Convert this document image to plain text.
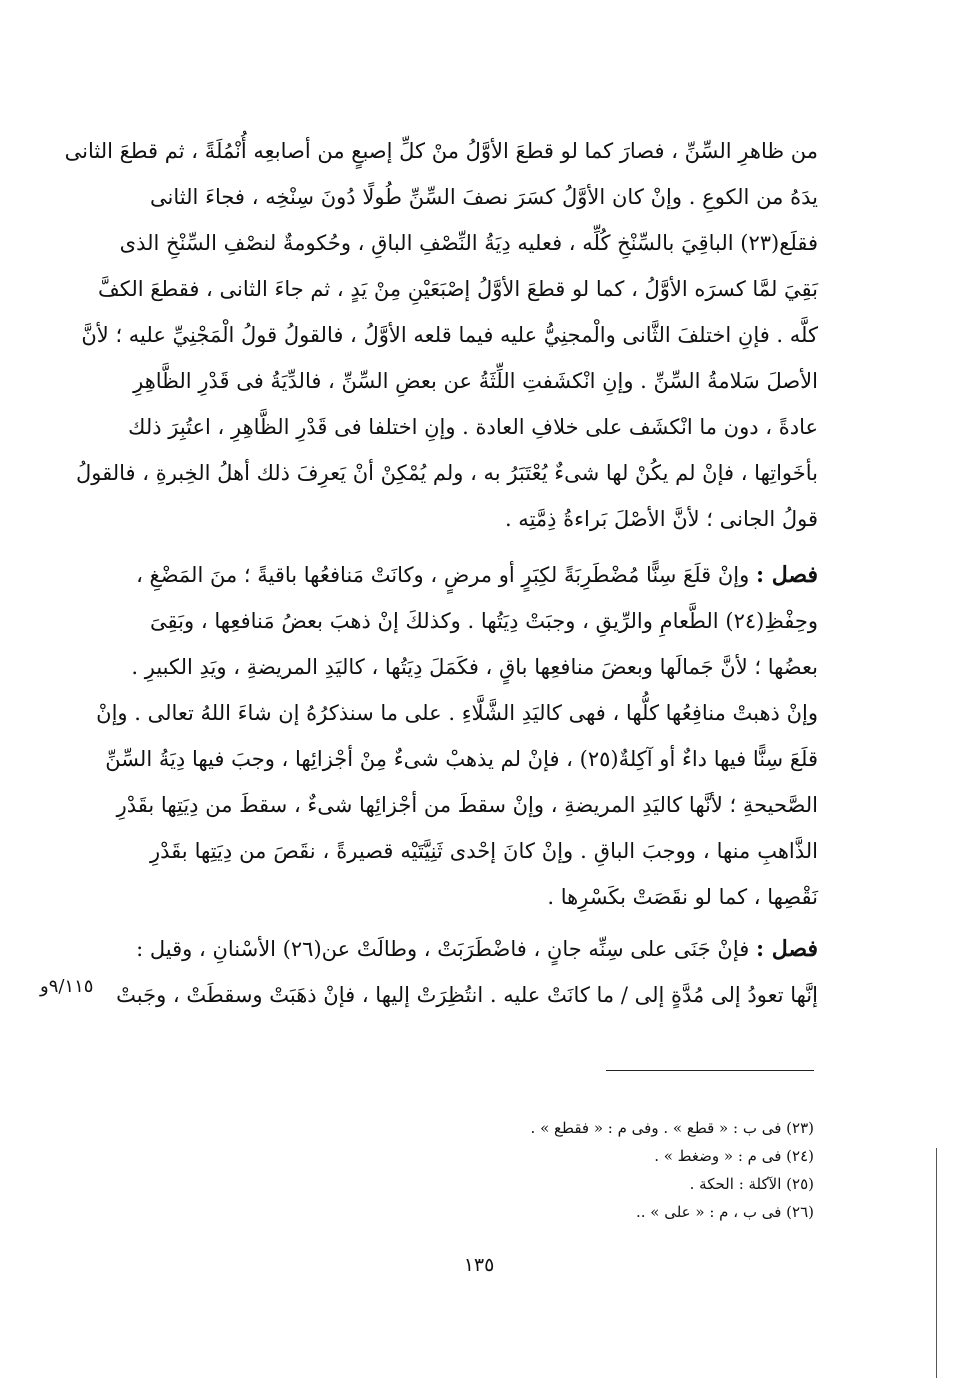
من ظاهرِ السِّنِّ ، فصارَ كما لو قطعَ الأوَّلُ منْ كلِّ إصبعٍ من أصابعِه أُنْمُلَةً ، ثم قطعَ الثانى
يدَهُ من الكوعِ . وإنْ كان الأوَّلُ كسَرَ نصفَ السِّنِّ طُولًا دُونَ سِنْخِه ، فجاءَ الثانى
فقلَع(٢٣) الباقِيَ بالسِّنْخِ كُلِّه ، فعليه دِيَةُ النِّصْفِ الباقِ ، وحُكومةٌ لنصْفِ السِّنْخِ الذى
بَقِيَ لمَّا كسرَه الأوَّلُ ، كما لو قطعَ الأوَّلُ إصْبَعَيْنِ مِنْ يَدٍ ، ثم جاءَ الثانى ، فقطعَ الكفَّ
كلَّه . فإنِ اختلفَ الثَّانى والْمجنِيُّ عليه فيما قلعه الأوَّلُ ، فالقولُ قولُ الْمَجْنِيِّ عليه ؛ لأنَّ
الأصلَ سَلامةُ السِّنِّ . وإنِ انْكشَفتِ اللِّثَةُ عن بعضِ السِّنِّ ، فالدِّيَةُ فى قَدْرِ الظَّاهِرِ
عادةً ، دون ما انْكشَف على خلافِ العادة . وإنِ اختلفا فى قَدْرِ الظَّاهِرِ ، اعتُبِرَ ذلك
بأخَواتِها ، فإنْ لم يكُنْ لها شىءٌ يُعْتَبَرُ به ، ولم يُمْكِنْ أنْ يَعرِفَ ذلك أهلُ الخِبرةِ ، فالقولُ
قولُ الجانى ؛ لأنَّ الأصْلَ بَراءةُ ذِمَّتِه .
فصل : وإنْ قلَعَ سِنًّا مُضْطَرِبَةً لكِبَرٍ أو مرضٍ ، وكانَتْ مَنافعُها باقيةً ؛ منَ المَضْغِ ،
وحِفْظِ(٢٤) الطَّعامِ والرِّيقِ ، وجبَتْ دِيَتُها . وكذلكَ إنْ ذهبَ بعضُ مَنافعِها ، وبَقِىَ
بعضُها ؛ لأنَّ جَمالَها وبعضَ منافعِها باقٍ ، فكَمَلَ دِيَتُها ، كاليَدِ المريضةِ ، ويَدِ الكبيرِ .
وإنْ ذهبتْ منافِعُها كلُّها ، فهى كاليَدِ الشَّلَّاءِ . على ما سنذكرُهُ إن شاءَ اللهُ تعالى . وإنْ
قلَعَ سِنًّا فيها داءٌ أو آكِلةٌ(٢٥) ، فإنْ لم يذهبْ شىءٌ مِنْ أجْزائِها ، وجبَ فيها دِيَةُ السِّنِّ
الصَّحيحةِ ؛ لأنَّها كاليَدِ المريضةِ ، وإنْ سقطَ من أجْزائِها شىءٌ ، سقطَ من دِيَتِها بقَدْرِ
الذَّاهبِ منها ، ووجبَ الباقِ . وإنْ كانَ إحْدى ثَنِيَّتَيْه قصيرةً ، نقَصَ من دِيَتِها بقَدْرِ
نَقْصِها ، كما لو نقَصَتْ بكَسْرِها .
فصل : فإنْ جَنَى على سِنِّه جانٍ ، فاضْطَرَبَتْ ، وطالَتْ عن(٢٦) الأسْنانِ ، وقيل :
إنَّها تعودُ إلى مُدَّةٍ إلى / ما كانَتْ عليه . انتُظِرَتْ إليها ، فإنْ ذهَبَتْ وسقطَتْ ، وجَبتْ
٩/١١٥و
(٢٣) فى ب : « قطع » . وفى م : « فقطع » .
(٢٤) فى م : « وضغط » .
(٢٥) الآكلة : الحكة .
(٢٦) فى ب ، م : « على » ..
١٣٥
